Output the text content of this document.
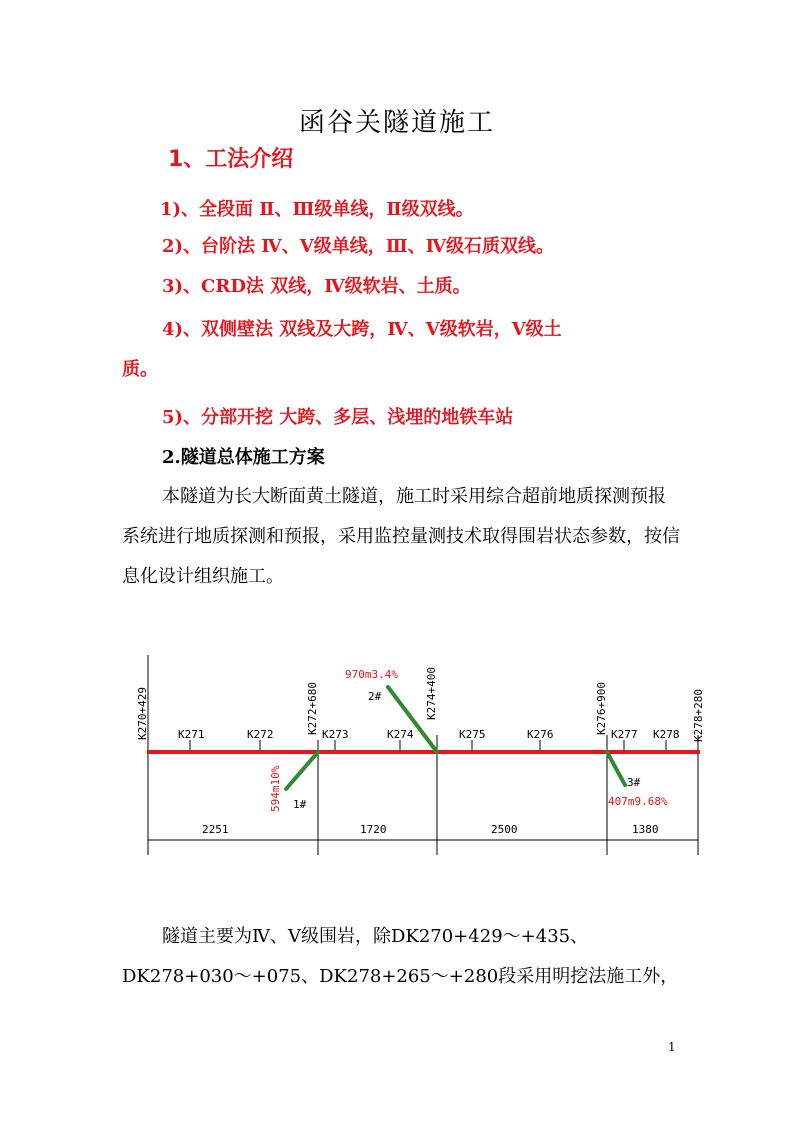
函谷关隧道施工
1、工法介绍
1)、全段面 Ⅱ、Ⅲ级单线，Ⅱ级双线。
2)、台阶法 Ⅳ、Ⅴ级单线，Ⅲ、Ⅳ级石质双线。
3)、CRD法 双线，Ⅳ级软岩、土质。
4)、双侧壁法 双线及大跨，Ⅳ、Ⅴ级软岩，Ⅴ级土
质。
5)、分部开挖 大跨、多层、浅埋的地铁车站
2.隧道总体施工方案
本隧道为长大断面黄土隧道，施工时采用综合超前地质探测预报系统进行地质探测和预报，采用监控量测技术取得围岩状态参数，按信息化设计组织施工。
K270+429	K272+680	K274+400	K276+900	K278+280
K271	K272	K273	K274	K275	K276	K277 K278
1#
2#
3#
2251	1720	2500	1380
594m10%
970m3.4%
407m9.68%
隧道主要为Ⅳ、Ⅴ级围岩，除DK270+429～+435、
DK278+030～+075、DK278+265～+280段采用明挖法施工外，
1
